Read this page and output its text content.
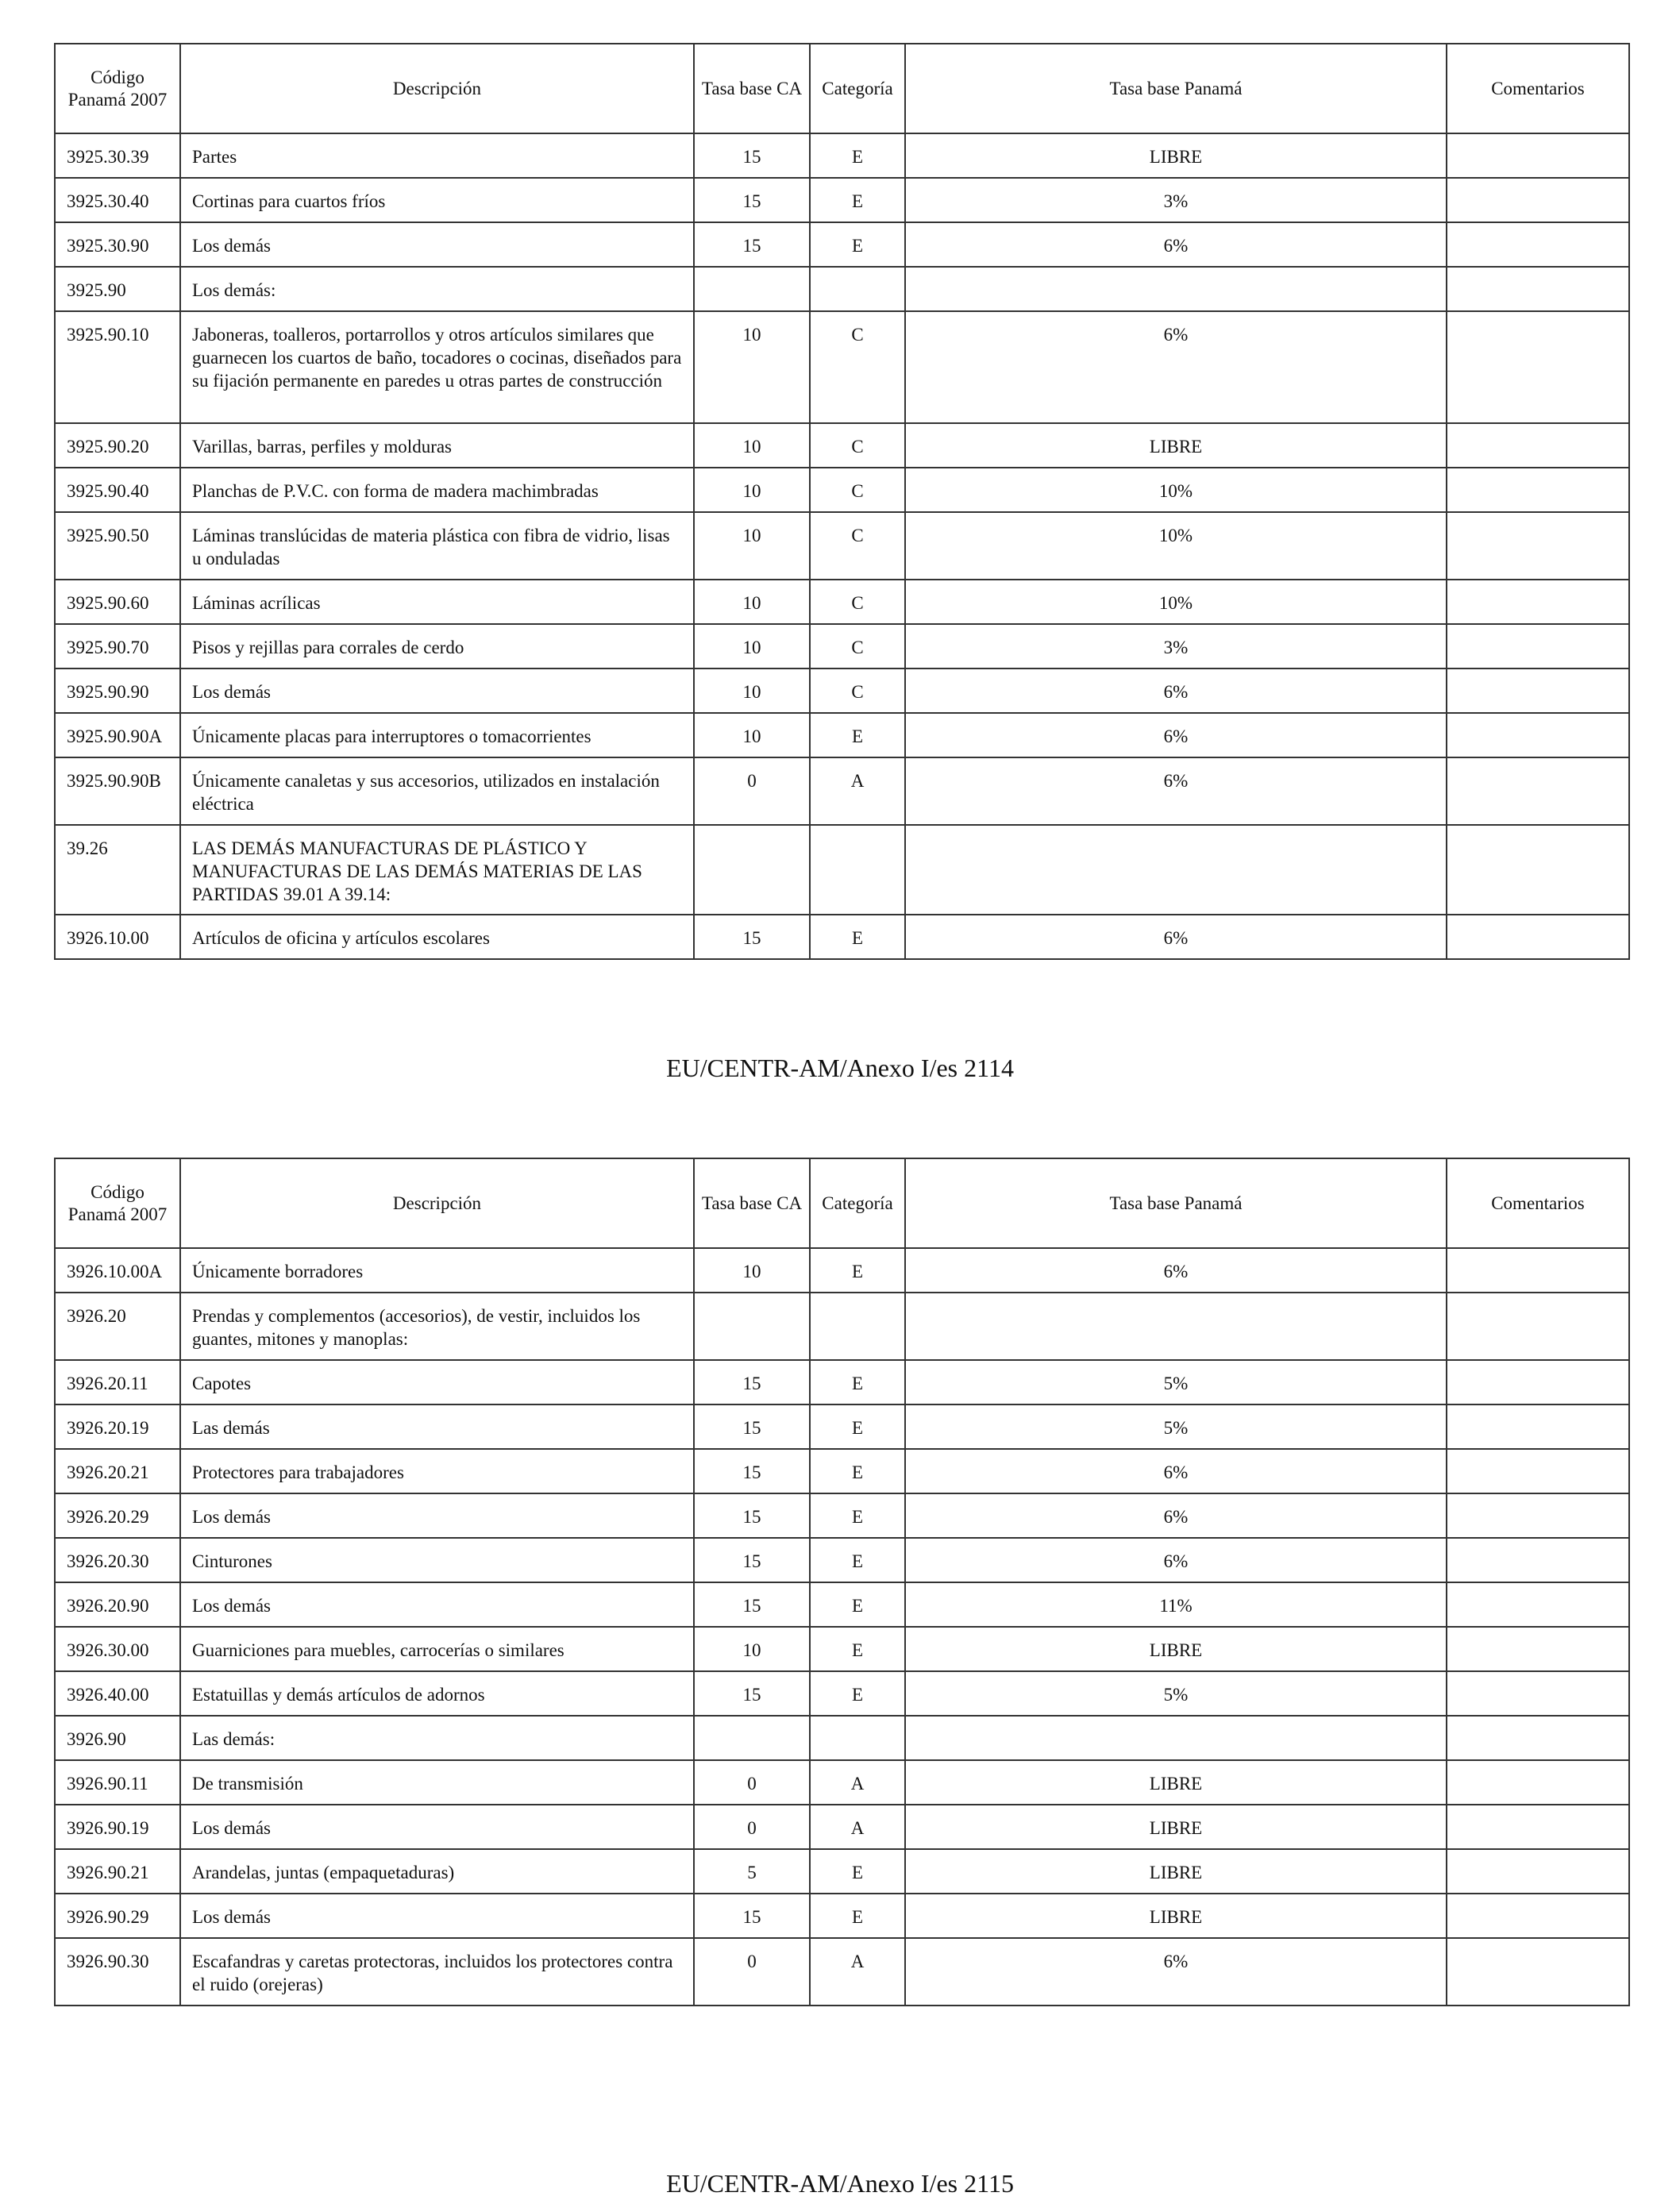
Código Panamá 2007	Descripción	Tasa base CA	Categoría	Tasa base Panamá	Comentarios
3925.30.39	Partes	15	E	LIBRE	
3925.30.40	Cortinas para cuartos fríos	15	E	3%	
3925.30.90	Los demás	15	E	6%	
3925.90	Los demás:				
3925.90.10	Jaboneras, toalleros, portarrollos y otros artículos similares que guarnecen los cuartos de baño, tocadores o cocinas, diseñados para su fijación permanente en paredes u otras partes de construcción	10	C	6%	
3925.90.20	Varillas, barras, perfiles y molduras	10	C	LIBRE	
3925.90.40	Planchas de P.V.C. con forma de madera machimbradas	10	C	10%	
3925.90.50	Láminas translúcidas de materia plástica con fibra de vidrio, lisas u onduladas	10	C	10%	
3925.90.60	Láminas acrílicas	10	C	10%	
3925.90.70	Pisos y rejillas para corrales de cerdo	10	C	3%	
3925.90.90	Los demás	10	C	6%	
3925.90.90A	Únicamente placas para interruptores o tomacorrientes	10	E	6%	
3925.90.90B	Únicamente canaletas y sus accesorios, utilizados en instalación eléctrica	0	A	6%	
39.26	LAS DEMÁS MANUFACTURAS DE PLÁSTICO Y MANUFACTURAS DE LAS DEMÁS MATERIAS DE LAS PARTIDAS 39.01 A 39.14:				
3926.10.00	Artículos de oficina y artículos escolares	15	E	6%	
EU/CENTR-AM/Anexo I/es 2114
Código Panamá 2007	Descripción	Tasa base CA	Categoría	Tasa base Panamá	Comentarios
3926.10.00A	Únicamente borradores	10	E	6%	
3926.20	Prendas y complementos (accesorios), de vestir, incluidos los guantes, mitones y manoplas:				
3926.20.11	Capotes	15	E	5%	
3926.20.19	Las demás	15	E	5%	
3926.20.21	Protectores para trabajadores	15	E	6%	
3926.20.29	Los demás	15	E	6%	
3926.20.30	Cinturones	15	E	6%	
3926.20.90	Los demás	15	E	11%	
3926.30.00	Guarniciones para muebles, carrocerías o similares	10	E	LIBRE	
3926.40.00	Estatuillas y demás artículos de adornos	15	E	5%	
3926.90	Las demás:				
3926.90.11	De transmisión	0	A	LIBRE	
3926.90.19	Los demás	0	A	LIBRE	
3926.90.21	Arandelas, juntas (empaquetaduras)	5	E	LIBRE	
3926.90.29	Los demás	15	E	LIBRE	
3926.90.30	Escafandras y caretas protectoras, incluidos los protectores contra el ruido (orejeras)	0	A	6%	
EU/CENTR-AM/Anexo I/es 2115
